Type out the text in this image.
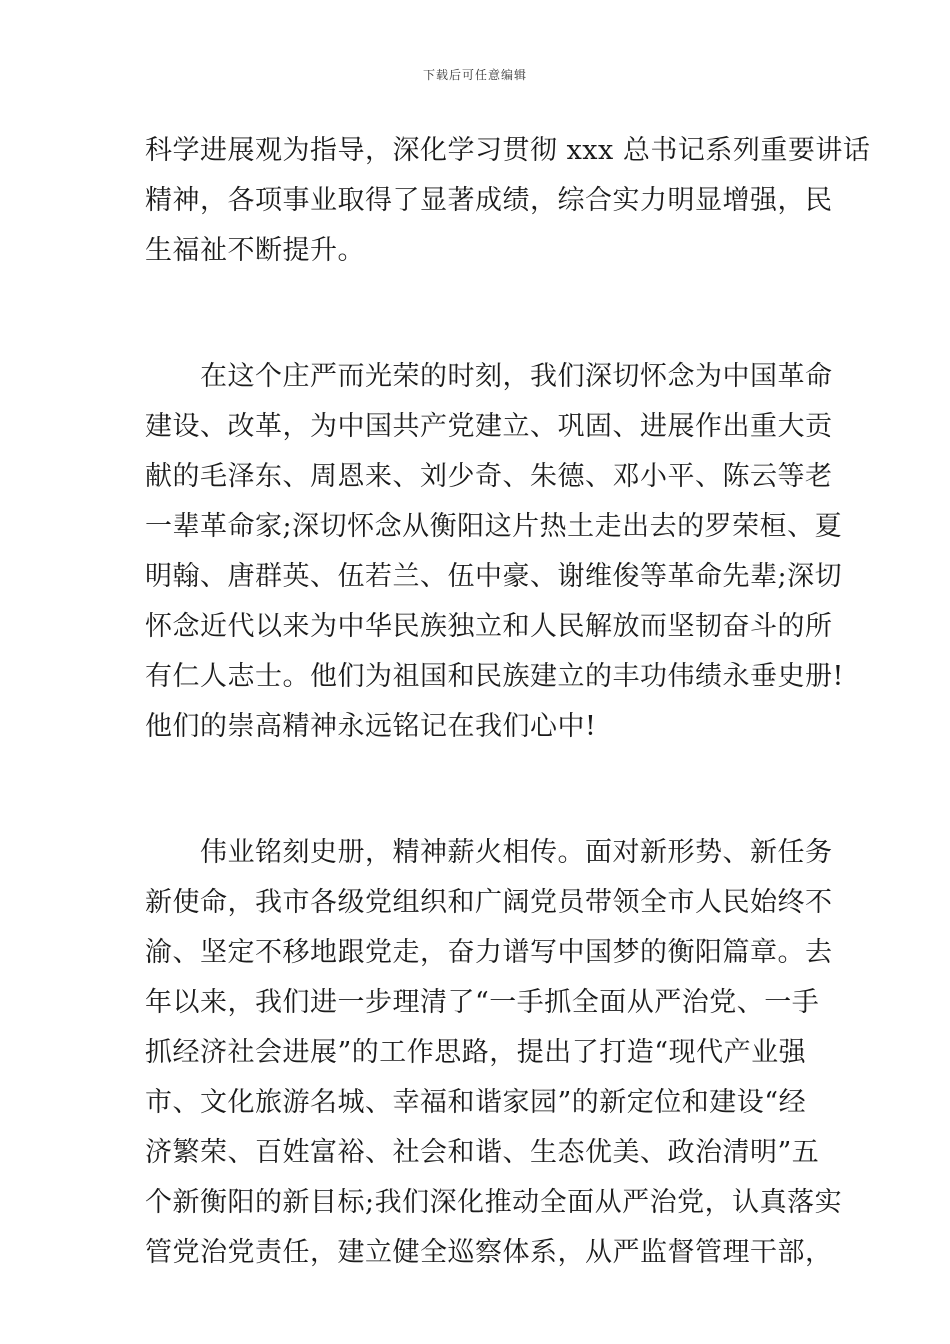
下载后可任意编辑
科学进展观为指导，深化学习贯彻 xxx 总书记系列重要讲话
精神，各项事业取得了显著成绩，综合实力明显增强，民
生福祉不断提升。
　　在这个庄严而光荣的时刻，我们深切怀念为中国革命
建设、改革，为中国共产党建立、巩固、进展作出重大贡
献的毛泽东、周恩来、刘少奇、朱德、邓小平、陈云等老
一辈革命家;深切怀念从衡阳这片热土走出去的罗荣桓、夏
明翰、唐群英、伍若兰、伍中豪、谢维俊等革命先辈;深切
怀念近代以来为中华民族独立和人民解放而坚韧奋斗的所
有仁人志士。他们为祖国和民族建立的丰功伟绩永垂史册!
他们的崇高精神永远铭记在我们心中!
　　伟业铭刻史册，精神薪火相传。面对新形势、新任务
新使命，我市各级党组织和广阔党员带领全市人民始终不
渝、坚定不移地跟党走，奋力谱写中国梦的衡阳篇章。去
年以来，我们进一步理清了“一手抓全面从严治党、一手
抓经济社会进展”的工作思路，提出了打造“现代产业强
市、文化旅游名城、幸福和谐家园”的新定位和建设“经
济繁荣、百姓富裕、社会和谐、生态优美、政治清明”五
个新衡阳的新目标;我们深化推动全面从严治党，认真落实
管党治党责任，建立健全巡察体系，从严监督管理干部，
